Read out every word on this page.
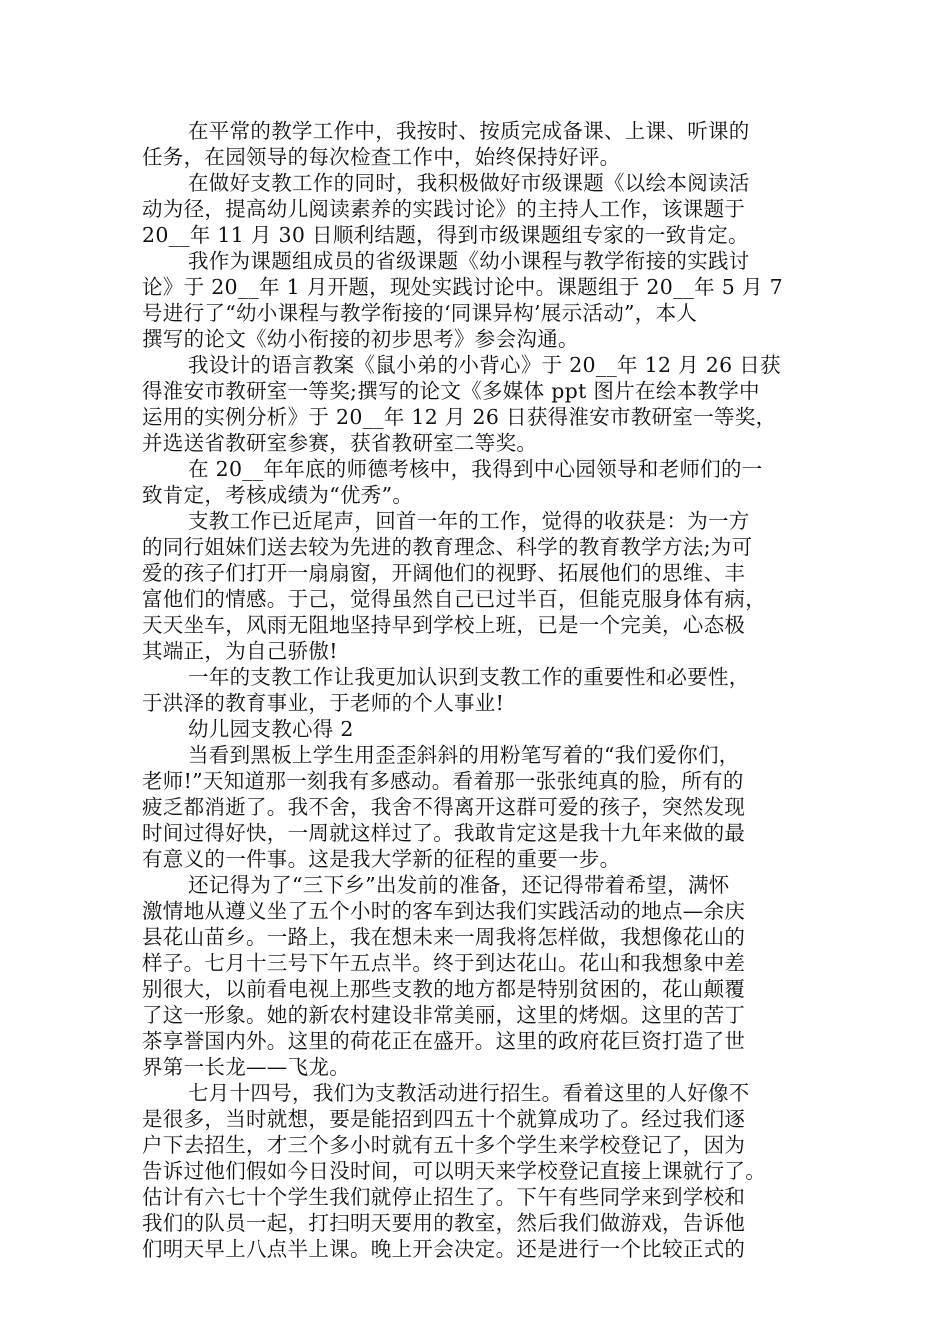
在平常的教学工作中，我按时、按质完成备课、上课、听课的
任务，在园领导的每次检查工作中，始终保持好评。
在做好支教工作的同时，我积极做好市级课题《以绘本阅读活
动为径，提高幼儿阅读素养的实践讨论》的主持人工作，该课题于
20__年 11 月 30 日顺利结题，得到市级课题组专家的一致肯定。
我作为课题组成员的省级课题《幼小课程与教学衔接的实践讨
论》于 20__年 1 月开题，现处实践讨论中。课题组于 20__年 5 月 7
号进行了“幼小课程与教学衔接的‘同课异构’展示活动”，本人
撰写的论文《幼小衔接的初步思考》参会沟通。
我设计的语言教案《鼠小弟的小背心》于 20__年 12 月 26 日获
得淮安市教研室一等奖;撰写的论文《多媒体 ppt 图片在绘本教学中
运用的实例分析》于 20__年 12 月 26 日获得淮安市教研室一等奖，
并选送省教研室参赛，获省教研室二等奖。
在 20__年年底的师德考核中，我得到中心园领导和老师们的一
致肯定，考核成绩为“优秀”。
支教工作已近尾声，回首一年的工作，觉得的收获是：为一方
的同行姐妹们送去较为先进的教育理念、科学的教育教学方法;为可
爱的孩子们打开一扇扇窗，开阔他们的视野、拓展他们的思维、丰
富他们的情感。于己，觉得虽然自己已过半百，但能克服身体有病，
天天坐车，风雨无阻地坚持早到学校上班，已是一个完美，心态极
其端正，为自己骄傲!
一年的支教工作让我更加认识到支教工作的重要性和必要性，
于洪泽的教育事业，于老师的个人事业!
幼儿园支教心得 2
当看到黑板上学生用歪歪斜斜的用粉笔写着的“我们爱你们，
老师!”天知道那一刻我有多感动。看着那一张张纯真的脸，所有的
疲乏都消逝了。我不舍，我舍不得离开这群可爱的孩子，突然发现
时间过得好快，一周就这样过了。我敢肯定这是我十九年来做的最
有意义的一件事。这是我大学新的征程的重要一步。
还记得为了“三下乡”出发前的准备，还记得带着希望，满怀
激情地从遵义坐了五个小时的客车到达我们实践活动的地点—余庆
县花山苗乡。一路上，我在想未来一周我将怎样做，我想像花山的
样子。七月十三号下午五点半。终于到达花山。花山和我想象中差
别很大，以前看电视上那些支教的地方都是特别贫困的，花山颠覆
了这一形象。她的新农村建设非常美丽，这里的烤烟。这里的苦丁
茶享誉国内外。这里的荷花正在盛开。这里的政府花巨资打造了世
界第一长龙——飞龙。
七月十四号，我们为支教活动进行招生。看着这里的人好像不
是很多，当时就想，要是能招到四五十个就算成功了。经过我们逐
户下去招生，才三个多小时就有五十多个学生来学校登记了，因为
告诉过他们假如今日没时间，可以明天来学校登记直接上课就行了。
估计有六七十个学生我们就停止招生了。下午有些同学来到学校和
我们的队员一起，打扫明天要用的教室，然后我们做游戏，告诉他
们明天早上八点半上课。晚上开会决定。还是进行一个比较正式的
